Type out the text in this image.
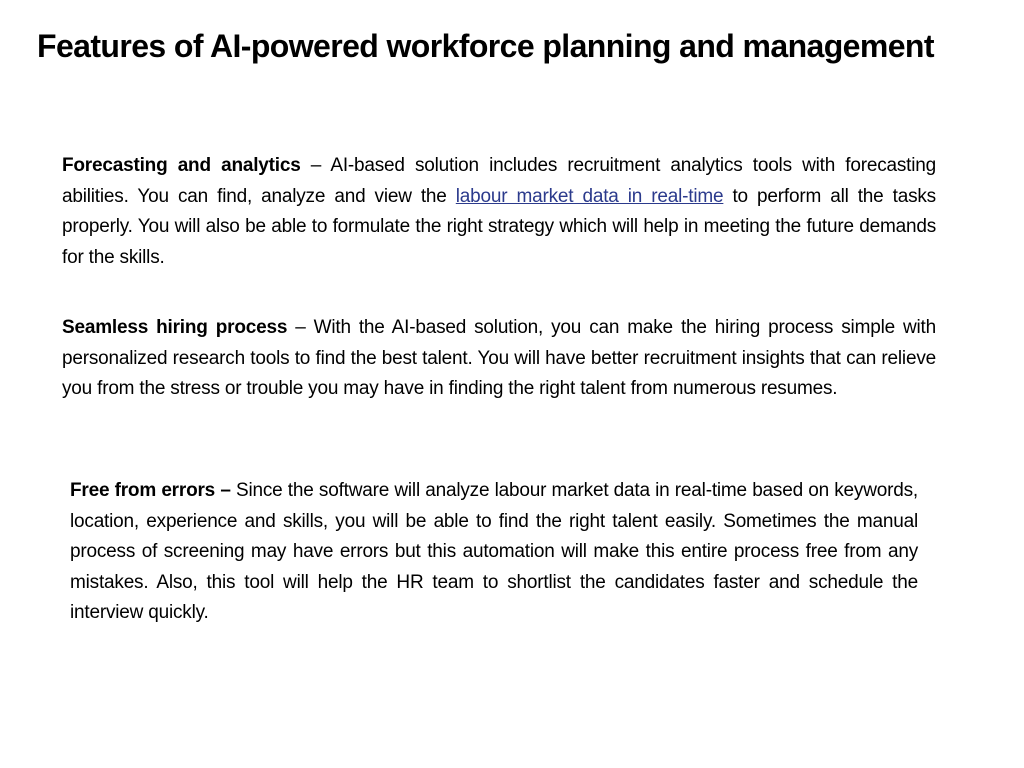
Features of AI-powered workforce planning and management

Forecasting and analytics – AI-based solution includes recruitment analytics tools with forecasting abilities. You can find, analyze and view the labour market data in real-time to perform all the tasks properly. You will also be able to formulate the right strategy which will help in meeting the future demands for the skills.

Seamless hiring process – With the AI-based solution, you can make the hiring process simple with personalized research tools to find the best talent. You will have better recruitment insights that can relieve you from the stress or trouble you may have in finding the right talent from numerous resumes.

Free from errors – Since the software will analyze labour market data in real-time based on keywords, location, experience and skills, you will be able to find the right talent easily. Sometimes the manual process of screening may have errors but this automation will make this entire process free from any mistakes. Also, this tool will help the HR team to shortlist the candidates faster and schedule the interview quickly.
